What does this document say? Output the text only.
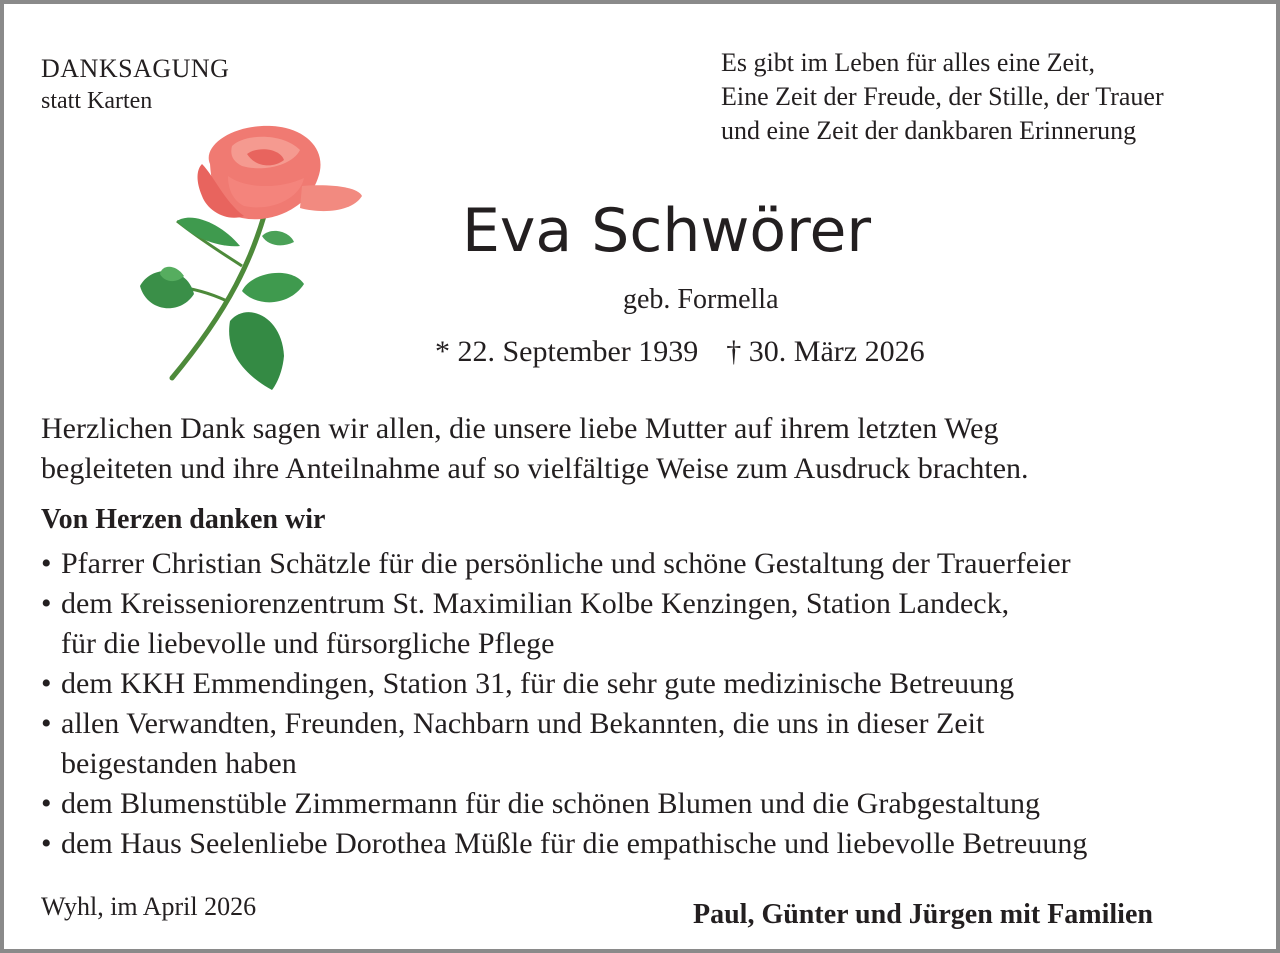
DANKSAGUNG
statt Karten
Es gibt im Leben für alles eine Zeit,
Eine Zeit der Freude, der Stille, der Trauer
und eine Zeit der dankbaren Erinnerung
Eva Schwörer
geb. Formella
* 22. September 1939 † 30. März 2026
Herzlichen Dank sagen wir allen, die unsere liebe Mutter auf ihrem letzten Weg
begleiteten und ihre Anteilnahme auf so vielfältige Weise zum Ausdruck brachten.
Von Herzen danken wir
• Pfarrer Christian Schätzle für die persönliche und schöne Gestaltung der Trauerfeier
• dem Kreisseniorenzentrum St. Maximilian Kolbe Kenzingen, Station Landeck,
für die liebevolle und fürsorgliche Pflege
• dem KKH Emmendingen, Station 31, für die sehr gute medizinische Betreuung
• allen Verwandten, Freunden, Nachbarn und Bekannten, die uns in dieser Zeit
beigestanden haben
• dem Blumenstüble Zimmermann für die schönen Blumen und die Grabgestaltung
• dem Haus Seelenliebe Dorothea Müßle für die empathische und liebevolle Betreuung
Wyhl, im April 2026	Paul, Günter und Jürgen mit Familien
